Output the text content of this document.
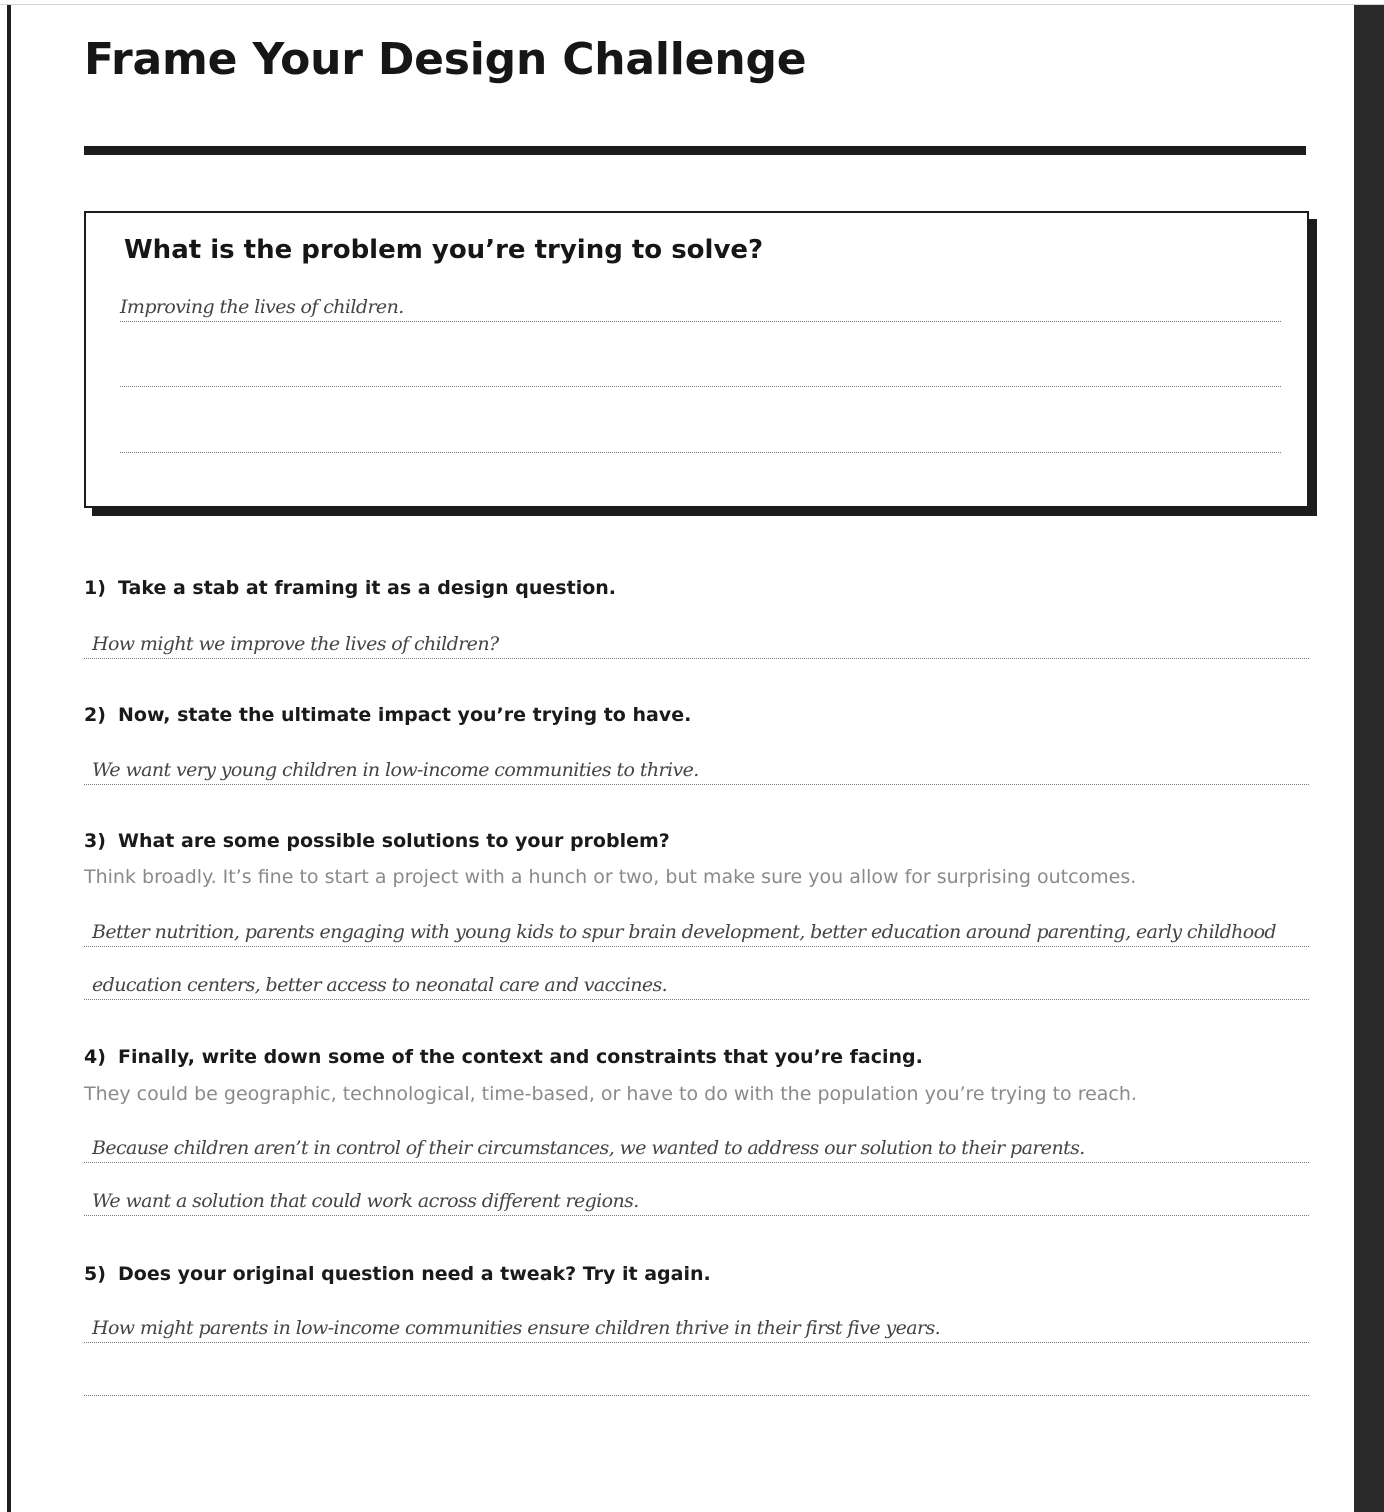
Frame Your Design Challenge
What is the problem you’re trying to solve?
Improving the lives of children.
1) Take a stab at framing it as a design question.
How might we improve the lives of children?
2) Now, state the ultimate impact you’re trying to have.
We want very young children in low-income communities to thrive.
3) What are some possible solutions to your problem?

Think broadly. It’s fine to start a project with a hunch or two, but make sure you allow for surprising outcomes.

Better nutrition, parents engaging with young kids to spur brain development, better education around parenting, early childhood
education centers, better access to neonatal care and vaccines.
4) Finally, write down some of the context and constraints that you’re facing.

They could be geographic, technological, time-based, or have to do with the population you’re trying to reach.

Because children aren’t in control of their circumstances, we wanted to address our solution to their parents.
We want a solution that could work across different regions.
5) Does your original question need a tweak? Try it again.
How might parents in low-income communities ensure children thrive in their first five years.
